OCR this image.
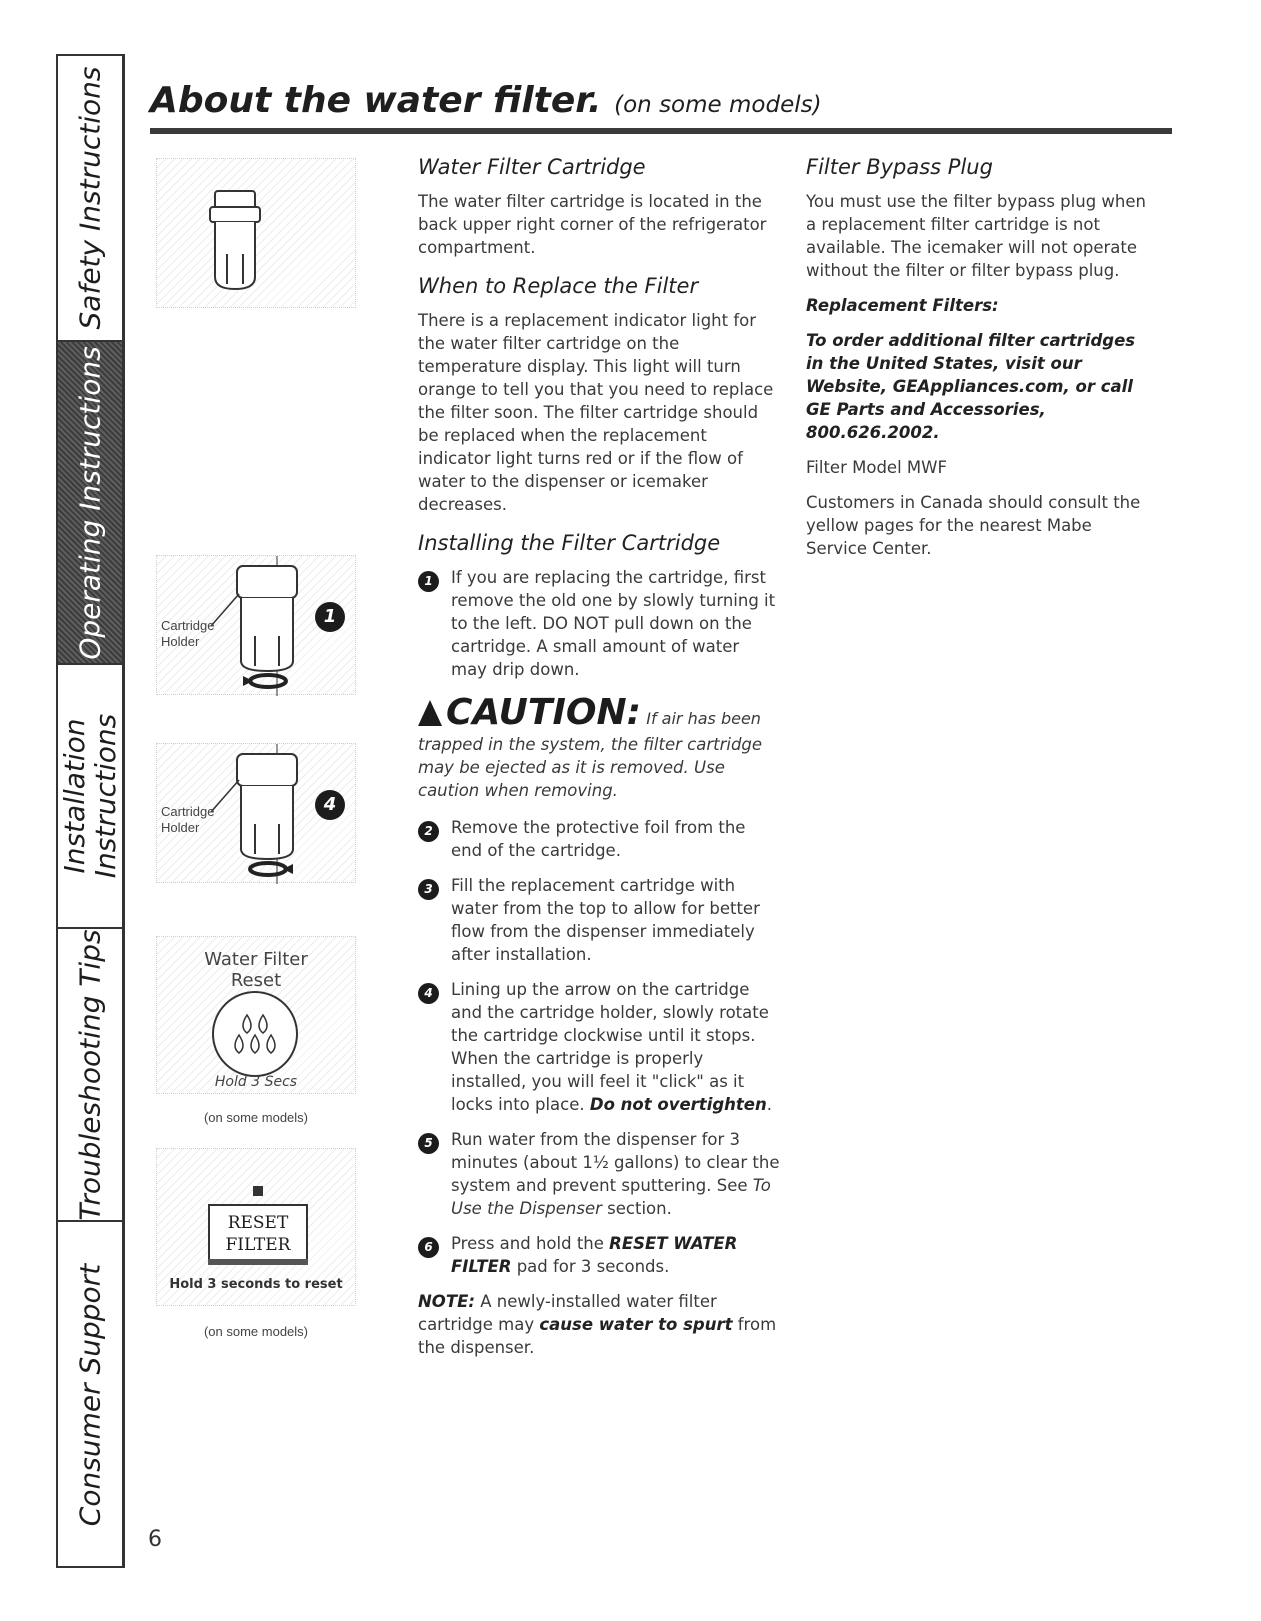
Safety Instructions
Operating Instructions
Installation
Instructions
Troubleshooting Tips
Consumer Support
About the water filter. (on some models)
Cartridge
Holder
1
Cartridge
Holder
4
Water Filter
Reset
Hold 3 Secs
(on some models)
RESET
FILTER
Hold 3 seconds to reset
(on some models)
Water Filter Cartridge

The water filter cartridge is located in the back upper right corner of the refrigerator compartment.

When to Replace the Filter

There is a replacement indicator light for the water filter cartridge on the temperature display. This light will turn orange to tell you that you need to replace the filter soon. The filter cartridge should be replaced when the replacement indicator light turns red or if the flow of water to the dispenser or icemaker decreases.

Installing the Filter Cartridge
1	If you are replacing the cartridge, first remove the old one by slowly turning it to the left. DO NOT pull down on the cartridge. A small amount of water may drip down.
CAUTION: If air has been trapped in the system, the filter cartridge may be ejected as it is removed. Use caution when removing.
2	Remove the protective foil from the end of the cartridge.
3	Fill the replacement cartridge with water from the top to allow for better flow from the dispenser immediately after installation.
4	Lining up the arrow on the cartridge and the cartridge holder, slowly rotate the cartridge clockwise until it stops. When the cartridge is properly installed, you will feel it "click" as it locks into place. Do not overtighten.
5	Run water from the dispenser for 3 minutes (about 1½ gallons) to clear the system and prevent sputtering. See To Use the Dispenser section.
6	Press and hold the RESET WATER FILTER pad for 3 seconds.

NOTE: A newly-installed water filter cartridge may cause water to spurt from the dispenser.

Filter Bypass Plug

You must use the filter bypass plug when a replacement filter cartridge is not available. The icemaker will not operate without the filter or filter bypass plug.

Replacement Filters:

To order additional filter cartridges in the United States, visit our Website, GEAppliances.com, or call GE Parts and Accessories, 800.626.2002.

Filter Model MWF

Customers in Canada should consult the yellow pages for the nearest Mabe Service Center.

6
